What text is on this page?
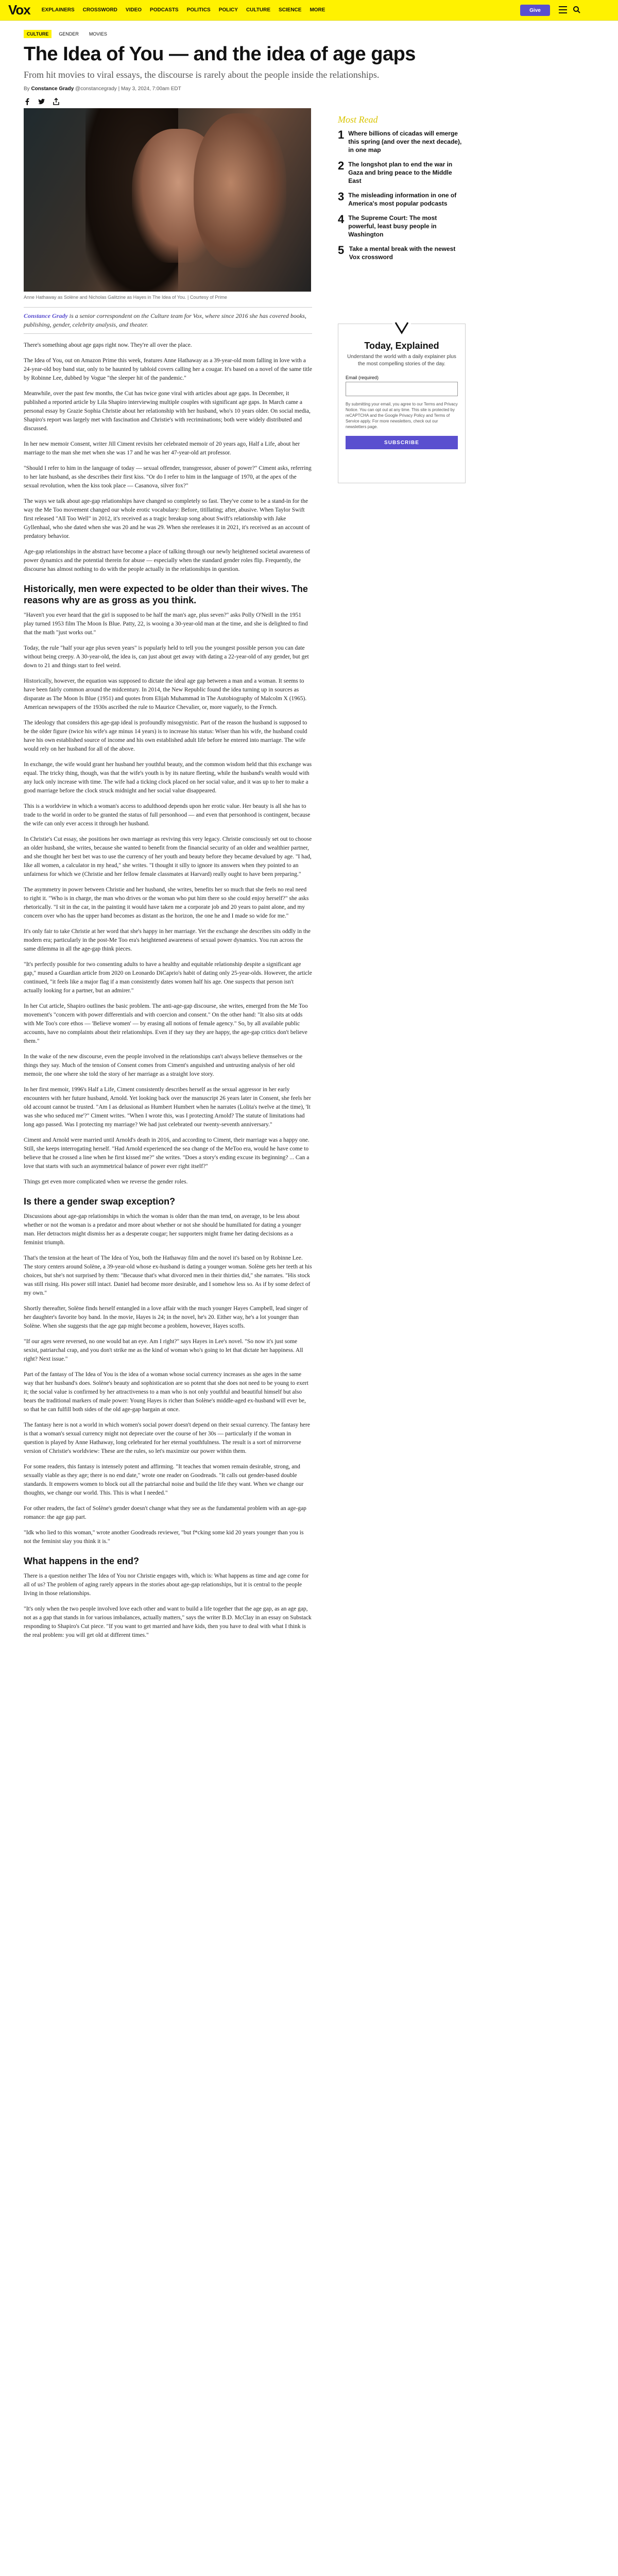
Vox EXPLAINERS CROSSWORD VIDEO PODCASTS POLITICS POLICY CULTURE SCIENCE MORE	Give
CULTURE	GENDER	MOVIES
The Idea of You — and the idea of age gaps
From hit movies to viral essays, the discourse is rarely about the people inside the relationships.
By Constance Grady @constancegrady | May 3, 2024, 7:00am EDT
Anne Hathaway as Solène and Nicholas Galitzine as Hayes in The Idea of You. | Courtesy of Prime
Most Read
1 Where billions of cicadas will emerge this spring (and over the next decade), in one map
2 The longshot plan to end the war in Gaza and bring peace to the Middle East
3 The misleading information in one of America's most popular podcasts
4 The Supreme Court: The most powerful, least busy people in Washington
5 Take a mental break with the newest Vox crossword
Today, Explained
Understand the world with a daily explainer plus the most compelling stories of the day.
Email (required)
By submitting your email, you agree to our Terms and Privacy Notice. You can opt out at any time. This site is protected by reCAPTCHA and the Google Privacy Policy and Terms of Service apply. For more newsletters, check out our newsletters page.
SUBSCRIBE
Constance Grady is a senior correspondent on the Culture team for Vox, where since 2016 she has covered books, publishing, gender, celebrity analysis, and theater.

There's something about age gaps right now. They're all over the place.

The Idea of You, out on Amazon Prime this week, features Anne Hathaway as a 39-year-old mom falling in love with a 24-year-old boy band star, only to be haunted by tabloid covers calling her a cougar. It's based on a novel of the same title by Robinne Lee, dubbed by Vogue "the sleeper hit of the pandemic."

Meanwhile, over the past few months, the Cut has twice gone viral with articles about age gaps. In December, it published a reported article by Lila Shapiro interviewing multiple couples with significant age gaps. In March came a personal essay by Grazie Sophia Christie about her relationship with her husband, who's 10 years older. On social media, Shapiro's report was largely met with fascination and Christie's with recriminations; both were widely distributed and discussed.

In her new memoir Consent, writer Jill Ciment revisits her celebrated memoir of 20 years ago, Half a Life, about her marriage to the man she met when she was 17 and he was her 47-year-old art professor.

"Should I refer to him in the language of today — sexual offender, transgressor, abuser of power?" Ciment asks, referring to her late husband, as she describes their first kiss. "Or do I refer to him in the language of 1970, at the apex of the sexual revolution, when the kiss took place — Casanova, silver fox?"

The ways we talk about age-gap relationships have changed so completely so fast. They've come to be a stand-in for the way the Me Too movement changed our whole erotic vocabulary: Before, titillating; after, abusive. When Taylor Swift first released "All Too Well" in 2012, it's received as a tragic breakup song about Swift's relationship with Jake Gyllenhaal, who she dated when she was 20 and he was 29. When she rereleases it in 2021, it's received as an account of predatory behavior.

Age-gap relationships in the abstract have become a place of talking through our newly heightened societal awareness of power dynamics and the potential therein for abuse — especially when the standard gender roles flip. Frequently, the discourse has almost nothing to do with the people actually in the relationships in question.

Historically, men were expected to be older than their wives. The reasons why are as gross as you think.

"Haven't you ever heard that the girl is supposed to be half the man's age, plus seven?" asks Polly O'Neill in the 1951 play turned 1953 film The Moon Is Blue. Patty, 22, is wooing a 30-year-old man at the time, and she is delighted to find that the math "just works out."

Today, the rule "half your age plus seven years" is popularly held to tell you the youngest possible person you can date without being creepy. A 30-year-old, the idea is, can just about get away with dating a 22-year-old of any gender, but get down to 21 and things start to feel weird.

Historically, however, the equation was supposed to dictate the ideal age gap between a man and a woman. It seems to have been fairly common around the midcentury. In 2014, the New Republic found the idea turning up in sources as disparate as The Moon Is Blue (1951) and quotes from Elijah Muhammad in The Autobiography of Malcolm X (1965). American newspapers of the 1930s ascribed the rule to Maurice Chevalier, or, more vaguely, to the French.

The ideology that considers this age-gap ideal is profoundly misogynistic. Part of the reason the husband is supposed to be the older figure (twice his wife's age minus 14 years) is to increase his status: Wiser than his wife, the husband could have his own established source of income and his own established adult life before he entered into marriage. The wife would rely on her husband for all of the above.

In exchange, the wife would grant her husband her youthful beauty, and the common wisdom held that this exchange was equal. The tricky thing, though, was that the wife's youth is by its nature fleeting, while the husband's wealth would with any luck only increase with time. The wife had a ticking clock placed on her social value, and it was up to her to make a good marriage before the clock struck midnight and her social value disappeared.

This is a worldview in which a woman's access to adulthood depends upon her erotic value. Her beauty is all she has to trade to the world in order to be granted the status of full personhood — and even that personhood is contingent, because the wife can only ever access it through her husband.

In Christie's Cut essay, she positions her own marriage as reviving this very legacy. Christie consciously set out to choose an older husband, she writes, because she wanted to benefit from the financial security of an older and wealthier partner, and she thought her best bet was to use the currency of her youth and beauty before they became devalued by age. "I had, like all women, a calculator in my head," she writes. "I thought it silly to ignore its answers when they pointed to an unfairness for which we (Christie and her fellow female classmates at Harvard) really ought to have been preparing."

The asymmetry in power between Christie and her husband, she writes, benefits her so much that she feels no real need to right it. "Who is in charge, the man who drives or the woman who put him there so she could enjoy herself?" she asks rhetorically. "I sit in the car, in the painting it would have taken me a corporate job and 20 years to paint alone, and my concern over who has the upper hand becomes as distant as the horizon, the one he and I made so wide for me."

It's only fair to take Christie at her word that she's happy in her marriage. Yet the exchange she describes sits oddly in the modern era; particularly in the post-Me Too era's heightened awareness of sexual power dynamics. You run across the same dilemma in all the age-gap think pieces.

"It's perfectly possible for two consenting adults to have a healthy and equitable relationship despite a significant age gap," mused a Guardian article from 2020 on Leonardo DiCaprio's habit of dating only 25-year-olds. However, the article continued, "it feels like a major flag if a man consistently dates women half his age. One suspects that person isn't actually looking for a partner, but an admirer."

In her Cut article, Shapiro outlines the basic problem. The anti-age-gap discourse, she writes, emerged from the Me Too movement's "concern with power differentials and with coercion and consent." On the other hand: "It also sits at odds with Me Too's core ethos — 'Believe women' — by erasing all notions of female agency." So, by all available public accounts, have no complaints about their relationships. Even if they say they are happy, the age-gap critics don't believe them."

In the wake of the new discourse, even the people involved in the relationships can't always believe themselves or the things they say. Much of the tension of Consent comes from Ciment's anguished and untrusting analysis of her old memoir, the one where she told the story of her marriage as a straight love story.

In her first memoir, 1996's Half a Life, Ciment consistently describes herself as the sexual aggressor in her early encounters with her future husband, Arnold. Yet looking back over the manuscript 26 years later in Consent, she feels her old account cannot be trusted. "Am I as delusional as Humbert Humbert when he narrates (Lolita's twelve at the time), 'It was she who seduced me'?" Ciment writes. "When I wrote this, was I protecting Arnold? The statute of limitations had long ago passed. Was I protecting my marriage? We had just celebrated our twenty-seventh anniversary."

Ciment and Arnold were married until Arnold's death in 2016, and according to Ciment, their marriage was a happy one. Still, she keeps interrogating herself. "Had Arnold experienced the sea change of the MeToo era, would he have come to believe that he crossed a line when he first kissed me?" she writes. "Does a story's ending excuse its beginning? ... Can a love that starts with such an asymmetrical balance of power ever right itself?"

Things get even more complicated when we reverse the gender roles.

Is there a gender swap exception?

Discussions about age-gap relationships in which the woman is older than the man tend, on average, to be less about whether or not the woman is a predator and more about whether or not she should be humiliated for dating a younger man. Her detractors might dismiss her as a desperate cougar; her supporters might frame her dating decisions as a feminist triumph.

That's the tension at the heart of The Idea of You, both the Hathaway film and the novel it's based on by Robinne Lee. The story centers around Solène, a 39-year-old whose ex-husband is dating a younger woman. Solène gets her teeth at his choices, but she's not surprised by them: "Because that's what divorced men in their thirties did," she narrates. "His stock was still rising. His power still intact. Daniel had become more desirable, and I somehow less so. As if by some defect of my own."

Shortly thereafter, Solène finds herself entangled in a love affair with the much younger Hayes Campbell, lead singer of her daughter's favorite boy band. In the movie, Hayes is 24; in the novel, he's 20. Either way, he's a lot younger than Solène. When she suggests that the age gap might become a problem, however, Hayes scoffs.

"If our ages were reversed, no one would bat an eye. Am I right?" says Hayes in Lee's novel. "So now it's just some sexist, patriarchal crap, and you don't strike me as the kind of woman who's going to let that dictate her happiness. All right? Next issue."

Part of the fantasy of The Idea of You is the idea of a woman whose social currency increases as she ages in the same way that her husband's does. Solène's beauty and sophistication are so potent that she does not need to be young to exert it; the social value is confirmed by her attractiveness to a man who is not only youthful and beautiful himself but also bears the traditional markers of male power: Young Hayes is richer than Solène's middle-aged ex-husband will ever be, so that he can fulfill both sides of the old age-gap bargain at once.

The fantasy here is not a world in which women's social power doesn't depend on their sexual currency. The fantasy here is that a woman's sexual currency might not depreciate over the course of her 30s — particularly if the woman in question is played by Anne Hathaway, long celebrated for her eternal youthfulness. The result is a sort of mirrorverse version of Christie's worldview: These are the rules, so let's maximize our power within them.

For some readers, this fantasy is intensely potent and affirming. "It teaches that women remain desirable, strong, and sexually viable as they age; there is no end date," wrote one reader on Goodreads. "It calls out gender-based double standards. It empowers women to block out all the patriarchal noise and build the life they want. When we change our thoughts, we change our world. This. This is what I needed."

For other readers, the fact of Solène's gender doesn't change what they see as the fundamental problem with an age-gap romance: the age gap part.

"Idk who lied to this woman," wrote another Goodreads reviewer, "but f*cking some kid 20 years younger than you is not the feminist slay you think it is."

What happens in the end?

There is a question neither The Idea of You nor Christie engages with, which is: What happens as time and age come for all of us? The problem of aging rarely appears in the stories about age-gap relationships, but it is central to the people living in those relationships.

"It's only when the two people involved love each other and want to build a life together that the age gap, as an age gap, not as a gap that stands in for various imbalances, actually matters," says the writer B.D. McClay in an essay on Substack responding to Shapiro's Cut piece. "If you want to get married and have kids, then you have to deal with what I think is the real problem: you will get old at different times."
